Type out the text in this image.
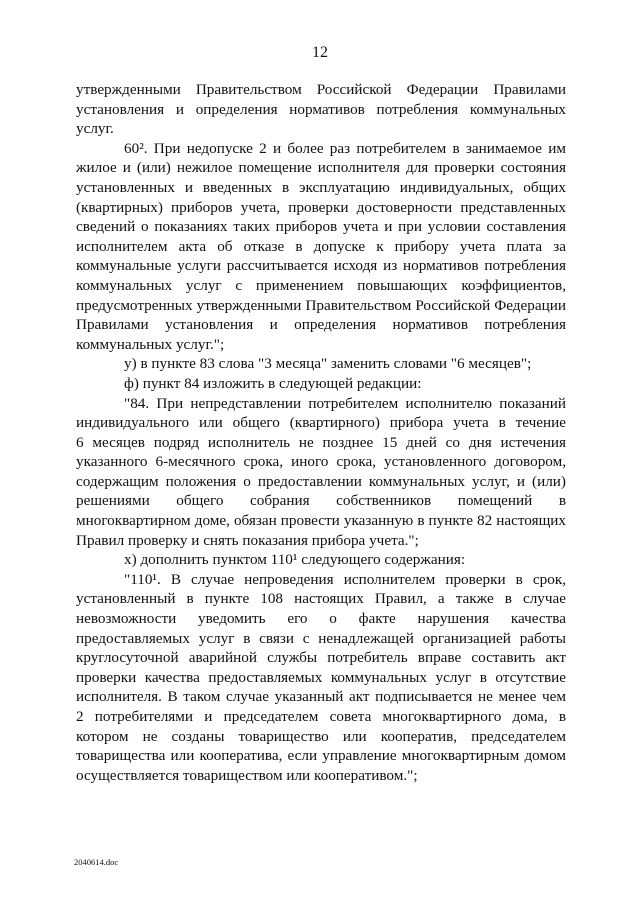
12
утвержденными Правительством Российской Федерации Правилами
установления и определения нормативов потребления коммунальных
услуг.
60². При недопуске 2 и более раз потребителем в занимаемое им
жилое и (или) нежилое помещение исполнителя для проверки состояния
установленных и введенных в эксплуатацию индивидуальных, общих
(квартирных) приборов учета, проверки достоверности представленных
сведений о показаниях таких приборов учета и при условии составления
исполнителем акта об отказе в допуске к прибору учета плата за
коммунальные услуги рассчитывается исходя из нормативов потребления
коммунальных услуг с применением повышающих коэффициентов,
предусмотренных утвержденными Правительством Российской Федерации
Правилами установления и определения нормативов потребления
коммунальных услуг.";
у) в пункте 83 слова "3 месяца" заменить словами "6 месяцев";
ф) пункт 84 изложить в следующей редакции:
"84. При непредставлении потребителем исполнителю показаний
индивидуального или общего (квартирного) прибора учета в течение
6 месяцев подряд исполнитель не позднее 15 дней со дня истечения
указанного 6-месячного срока, иного срока, установленного договором,
содержащим положения о предоставлении коммунальных услуг, и (или)
решениями общего собрания собственников помещений в
многоквартирном доме, обязан провести указанную в пункте 82 настоящих
Правил проверку и снять показания прибора учета.";
х) дополнить пунктом 110¹ следующего содержания:
"110¹. В случае непроведения исполнителем проверки в срок,
установленный в пункте 108 настоящих Правил, а также в случае
невозможности уведомить его о факте нарушения качества
предоставляемых услуг в связи с ненадлежащей организацией работы
круглосуточной аварийной службы потребитель вправе составить акт
проверки качества предоставляемых коммунальных услуг в отсутствие
исполнителя. В таком случае указанный акт подписывается не менее чем
2 потребителями и председателем совета многоквартирного дома, в
котором не созданы товарищество или кооператив, председателем
товарищества или кооператива, если управление многоквартирным домом
осуществляется товариществом или кооперативом.";
2040614.doc
